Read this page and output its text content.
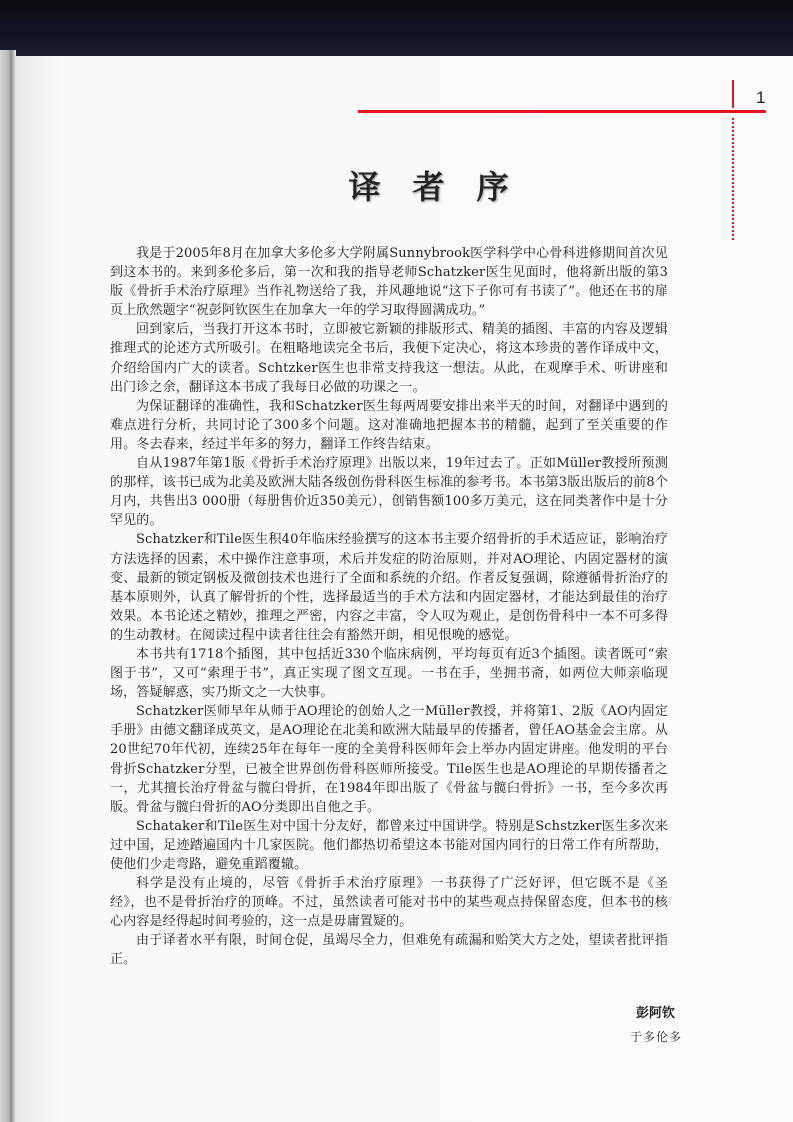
1
译者序

我是于2005年8月在加拿大多伦多大学附属Sunnybrook医学科学中心骨科进修期间首次见到这本书的。来到多伦多后，第一次和我的指导老师Schatzker医生见面时，他将新出版的第3版《骨折手术治疗原理》当作礼物送给了我，并风趣地说“这下子你可有书读了”。他还在书的扉页上欣然题字“祝彭阿钦医生在加拿大一年的学习取得圆满成功。”

回到家后，当我打开这本书时，立即被它新颖的排版形式、精美的插图、丰富的内容及逻辑推理式的论述方式所吸引。在粗略地读完全书后，我便下定决心，将这本珍贵的著作译成中文，介绍给国内广大的读者。Schtzker医生也非常支持我这一想法。从此，在观摩手术、听讲座和出门诊之余，翻译这本书成了我每日必做的功课之一。

为保证翻译的准确性，我和Schatzker医生每两周要安排出来半天的时间，对翻译中遇到的难点进行分析，共同讨论了300多个问题。这对准确地把握本书的精髓，起到了至关重要的作用。冬去春来，经过半年多的努力，翻译工作终告结束。

自从1987年第1版《骨折手术治疗原理》出版以来，19年过去了。正如Müller教授所预测的那样，该书已成为北美及欧洲大陆各级创伤骨科医生标准的参考书。本书第3版出版后的前8个月内，共售出3 000册（每册售价近350美元），创销售额100多万美元，这在同类著作中是十分罕见的。

Schatzker和Tile医生积40年临床经验撰写的这本书主要介绍骨折的手术适应证，影响治疗方法选择的因素，术中操作注意事项，术后并发症的防治原则，并对AO理论、内固定器材的演变、最新的锁定钢板及微创技术也进行了全面和系统的介绍。作者反复强调，除遵循骨折治疗的基本原则外，认真了解骨折的个性，选择最适当的手术方法和内固定器材，才能达到最佳的治疗效果。本书论述之精妙，推理之严密，内容之丰富，令人叹为观止，是创伤骨科中一本不可多得的生动教材。在阅读过程中读者往往会有豁然开朗，相见恨晚的感觉。

本书共有1718个插图，其中包括近330个临床病例，平均每页有近3个插图。读者既可“索图于书”，又可“索理于书”，真正实现了图文互现。一书在手，坐拥书斋，如两位大师亲临现场，答疑解惑，实乃斯文之一大快事。

Schatzker医师早年从师于AO理论的创始人之一Müller教授，并将第1、2版《AO内固定手册》由德文翻译成英文，是AO理论在北美和欧洲大陆最早的传播者，曾任AO基金会主席。从20世纪70年代初，连续25年在每年一度的全美骨科医师年会上举办内固定讲座。他发明的平台骨折Schatzker分型，已被全世界创伤骨科医师所接受。Tile医生也是AO理论的早期传播者之一，尤其擅长治疗骨盆与髋臼骨折，在1984年即出版了《骨盆与髋臼骨折》一书，至今多次再版。骨盆与髋臼骨折的AO分类即出自他之手。

Schataker和Tile医生对中国十分友好，都曾来过中国讲学。特别是Schstzker医生多次来过中国，足迹踏遍国内十几家医院。他们都热切希望这本书能对国内同行的日常工作有所帮助，使他们少走弯路，避免重蹈覆辙。

科学是没有止境的，尽管《骨折手术治疗原理》一书获得了广泛好评，但它既不是《圣经》，也不是骨折治疗的顶峰。不过，虽然读者可能对书中的某些观点持保留态度，但本书的核心内容是经得起时间考验的，这一点是毋庸置疑的。

由于译者水平有限，时间仓促，虽竭尽全力，但难免有疏漏和贻笑大方之处，望读者批评指正。

彭阿钦
于多伦多
